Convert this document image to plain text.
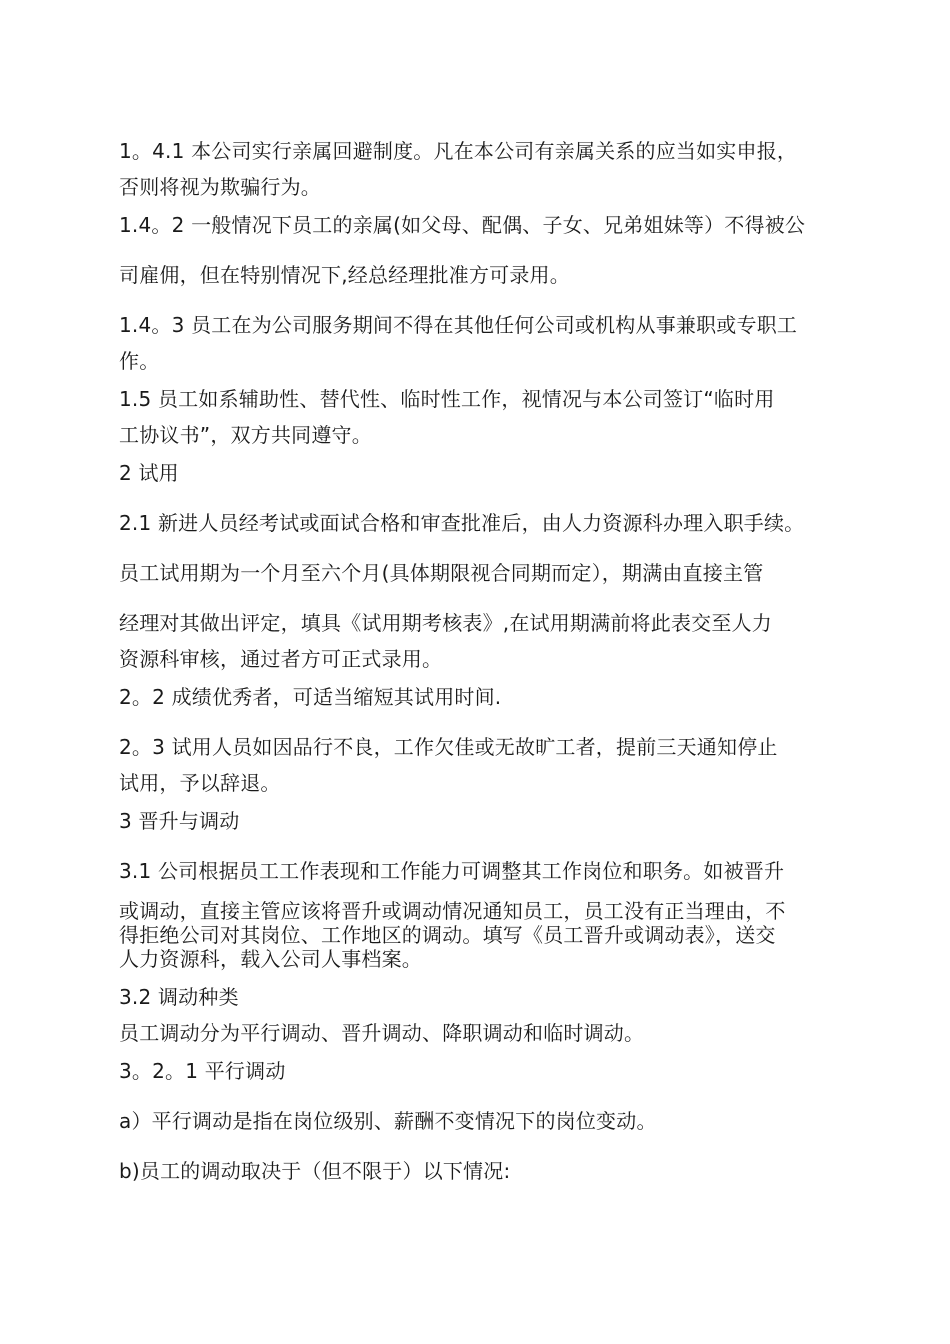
1。4.1 本公司实行亲属回避制度。凡在本公司有亲属关系的应当如实申报，
否则将视为欺骗行为。
1.4。2 一般情况下员工的亲属(如父母、配偶、子女、兄弟姐妹等）不得被公
司雇佣，但在特别情况下,经总经理批准方可录用。
1.4。3 员工在为公司服务期间不得在其他任何公司或机构从事兼职或专职工
作。
1.5 员工如系辅助性、替代性、临时性工作，视情况与本公司签订“临时用
工协议书”，双方共同遵守。
2 试用
2.1 新进人员经考试或面试合格和审查批准后，由人力资源科办理入职手续。
员工试用期为一个月至六个月(具体期限视合同期而定），期满由直接主管
经理对其做出评定，填具《试用期考核表》,在试用期满前将此表交至人力
资源科审核，通过者方可正式录用。
2。2 成绩优秀者，可适当缩短其试用时间.
2。3 试用人员如因品行不良，工作欠佳或无故旷工者，提前三天通知停止
试用，予以辞退。
3 晋升与调动
3.1 公司根据员工工作表现和工作能力可调整其工作岗位和职务。如被晋升
或调动，直接主管应该将晋升或调动情况通知员工，员工没有正当理由，不
得拒绝公司对其岗位、工作地区的调动。填写《员工晋升或调动表》，送交
人力资源科，载入公司人事档案。
3.2 调动种类
员工调动分为平行调动、晋升调动、降职调动和临时调动。
3。2。1 平行调动
a）平行调动是指在岗位级别、薪酬不变情况下的岗位变动。
b)员工的调动取决于（但不限于）以下情况:
